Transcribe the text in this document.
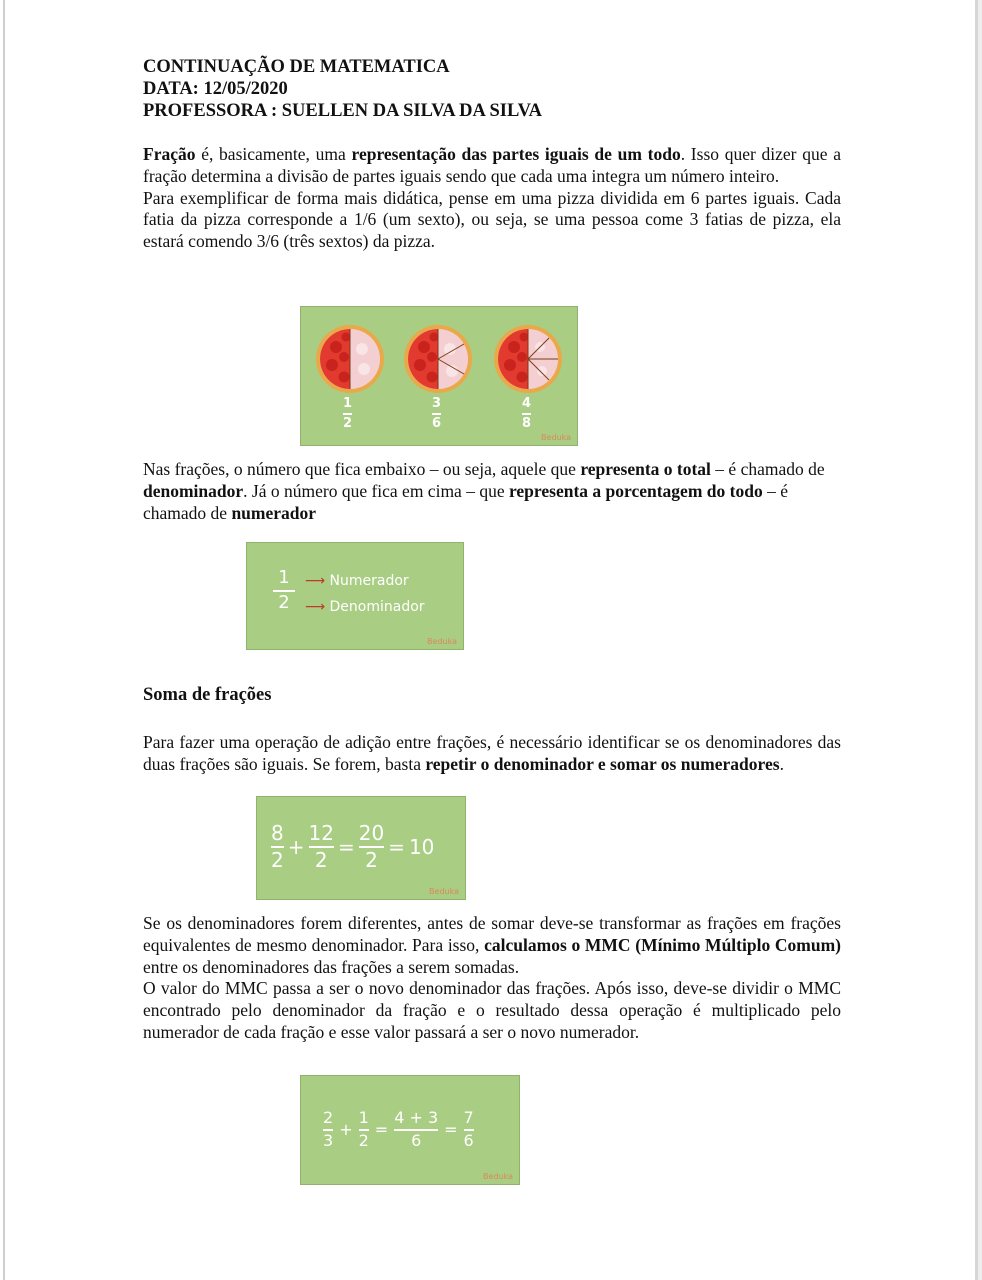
CONTINUAÇÃO DE MATEMATICA

DATA: 12/05/2020

PROFESSORA : SUELLEN DA SILVA DA SILVA

Fração é, basicamente, uma representação das partes iguais de um todo. Isso quer dizer que a fração determina a divisão de partes iguais sendo que cada uma integra um número inteiro.

Para exemplificar de forma mais didática, pense em uma pizza dividida em 6 partes iguais. Cada fatia da pizza corresponde a 1/6 (um sexto), ou seja, se uma pessoa come 3 fatias de pizza, ela estará comendo 3/6 (três sextos) da pizza.

$\frac{1}{2}$	$\frac{3}{6}$	$\frac{4}{8}$
Beduka

Nas frações, o número que fica embaixo – ou seja, aquele que representa o total – é chamado de denominador. Já o número que fica em cima – que representa a porcentagem do todo – é chamado de numerador

$\frac{1}{2}$ ⟶ Numerador
⟶ Denominador
Beduka

Soma de frações

Para fazer uma operação de adição entre frações, é necessário identificar se os denominadores das duas frações são iguais. Se forem, basta repetir o denominador e somar os numeradores.

$\frac{8}{2} + \frac{12}{2} = \frac{20}{2} = 10$
Beduka

Se os denominadores forem diferentes, antes de somar deve-se transformar as frações em frações equivalentes de mesmo denominador. Para isso, calculamos o MMC (Mínimo Múltiplo Comum) entre os denominadores das frações a serem somadas.

O valor do MMC passa a ser o novo denominador das frações. Após isso, deve-se dividir o MMC encontrado pelo denominador da fração e o resultado dessa operação é multiplicado pelo numerador de cada fração e esse valor passará a ser o novo numerador.

$\frac{2}{3} + \frac{1}{2} = \frac{4 + 3}{6} = \frac{7}{6}$
Beduka
